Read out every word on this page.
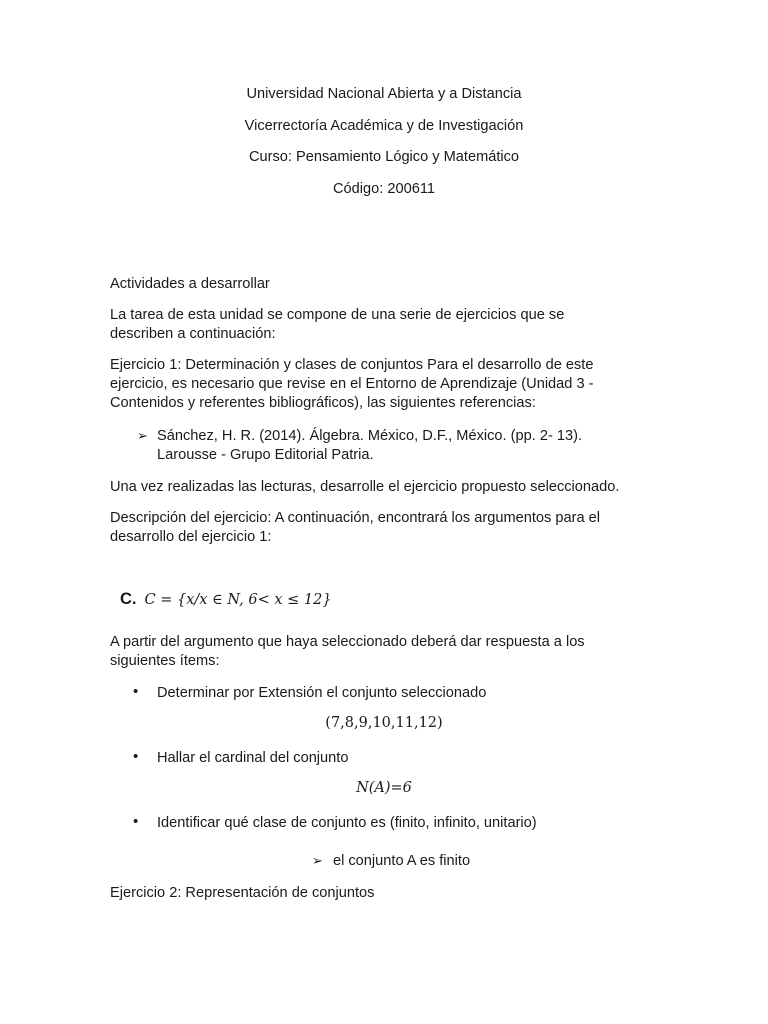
Universidad Nacional Abierta y a Distancia
Vicerrectoría Académica y de Investigación
Curso: Pensamiento Lógico y Matemático
Código: 200611
Actividades a desarrollar
La tarea de esta unidad se compone de una serie de ejercicios que se
describen a continuación:
Ejercicio 1: Determinación y clases de conjuntos Para el desarrollo de este
ejercicio, es necesario que revise en el Entorno de Aprendizaje (Unidad 3 -
Contenidos y referentes bibliográficos), las siguientes referencias:
➢ Sánchez, H. R. (2014). Álgebra. México, D.F., México. (pp. 2- 13).
Larousse - Grupo Editorial Patria.
Una vez realizadas las lecturas, desarrolle el ejercicio propuesto seleccionado.
Descripción del ejercicio: A continuación, encontrará los argumentos para el
desarrollo del ejercicio 1:
C. C = {x/x ∈ N, 6< x ≤ 12}
A partir del argumento que haya seleccionado deberá dar respuesta a los
siguientes ítems:
• Determinar por Extensión el conjunto seleccionado
(7,8,9,10,11,12)
• Hallar el cardinal del conjunto
N(A)=6
• Identificar qué clase de conjunto es (finito, infinito, unitario)
➢ el conjunto A es finito
Ejercicio 2: Representación de conjuntos
